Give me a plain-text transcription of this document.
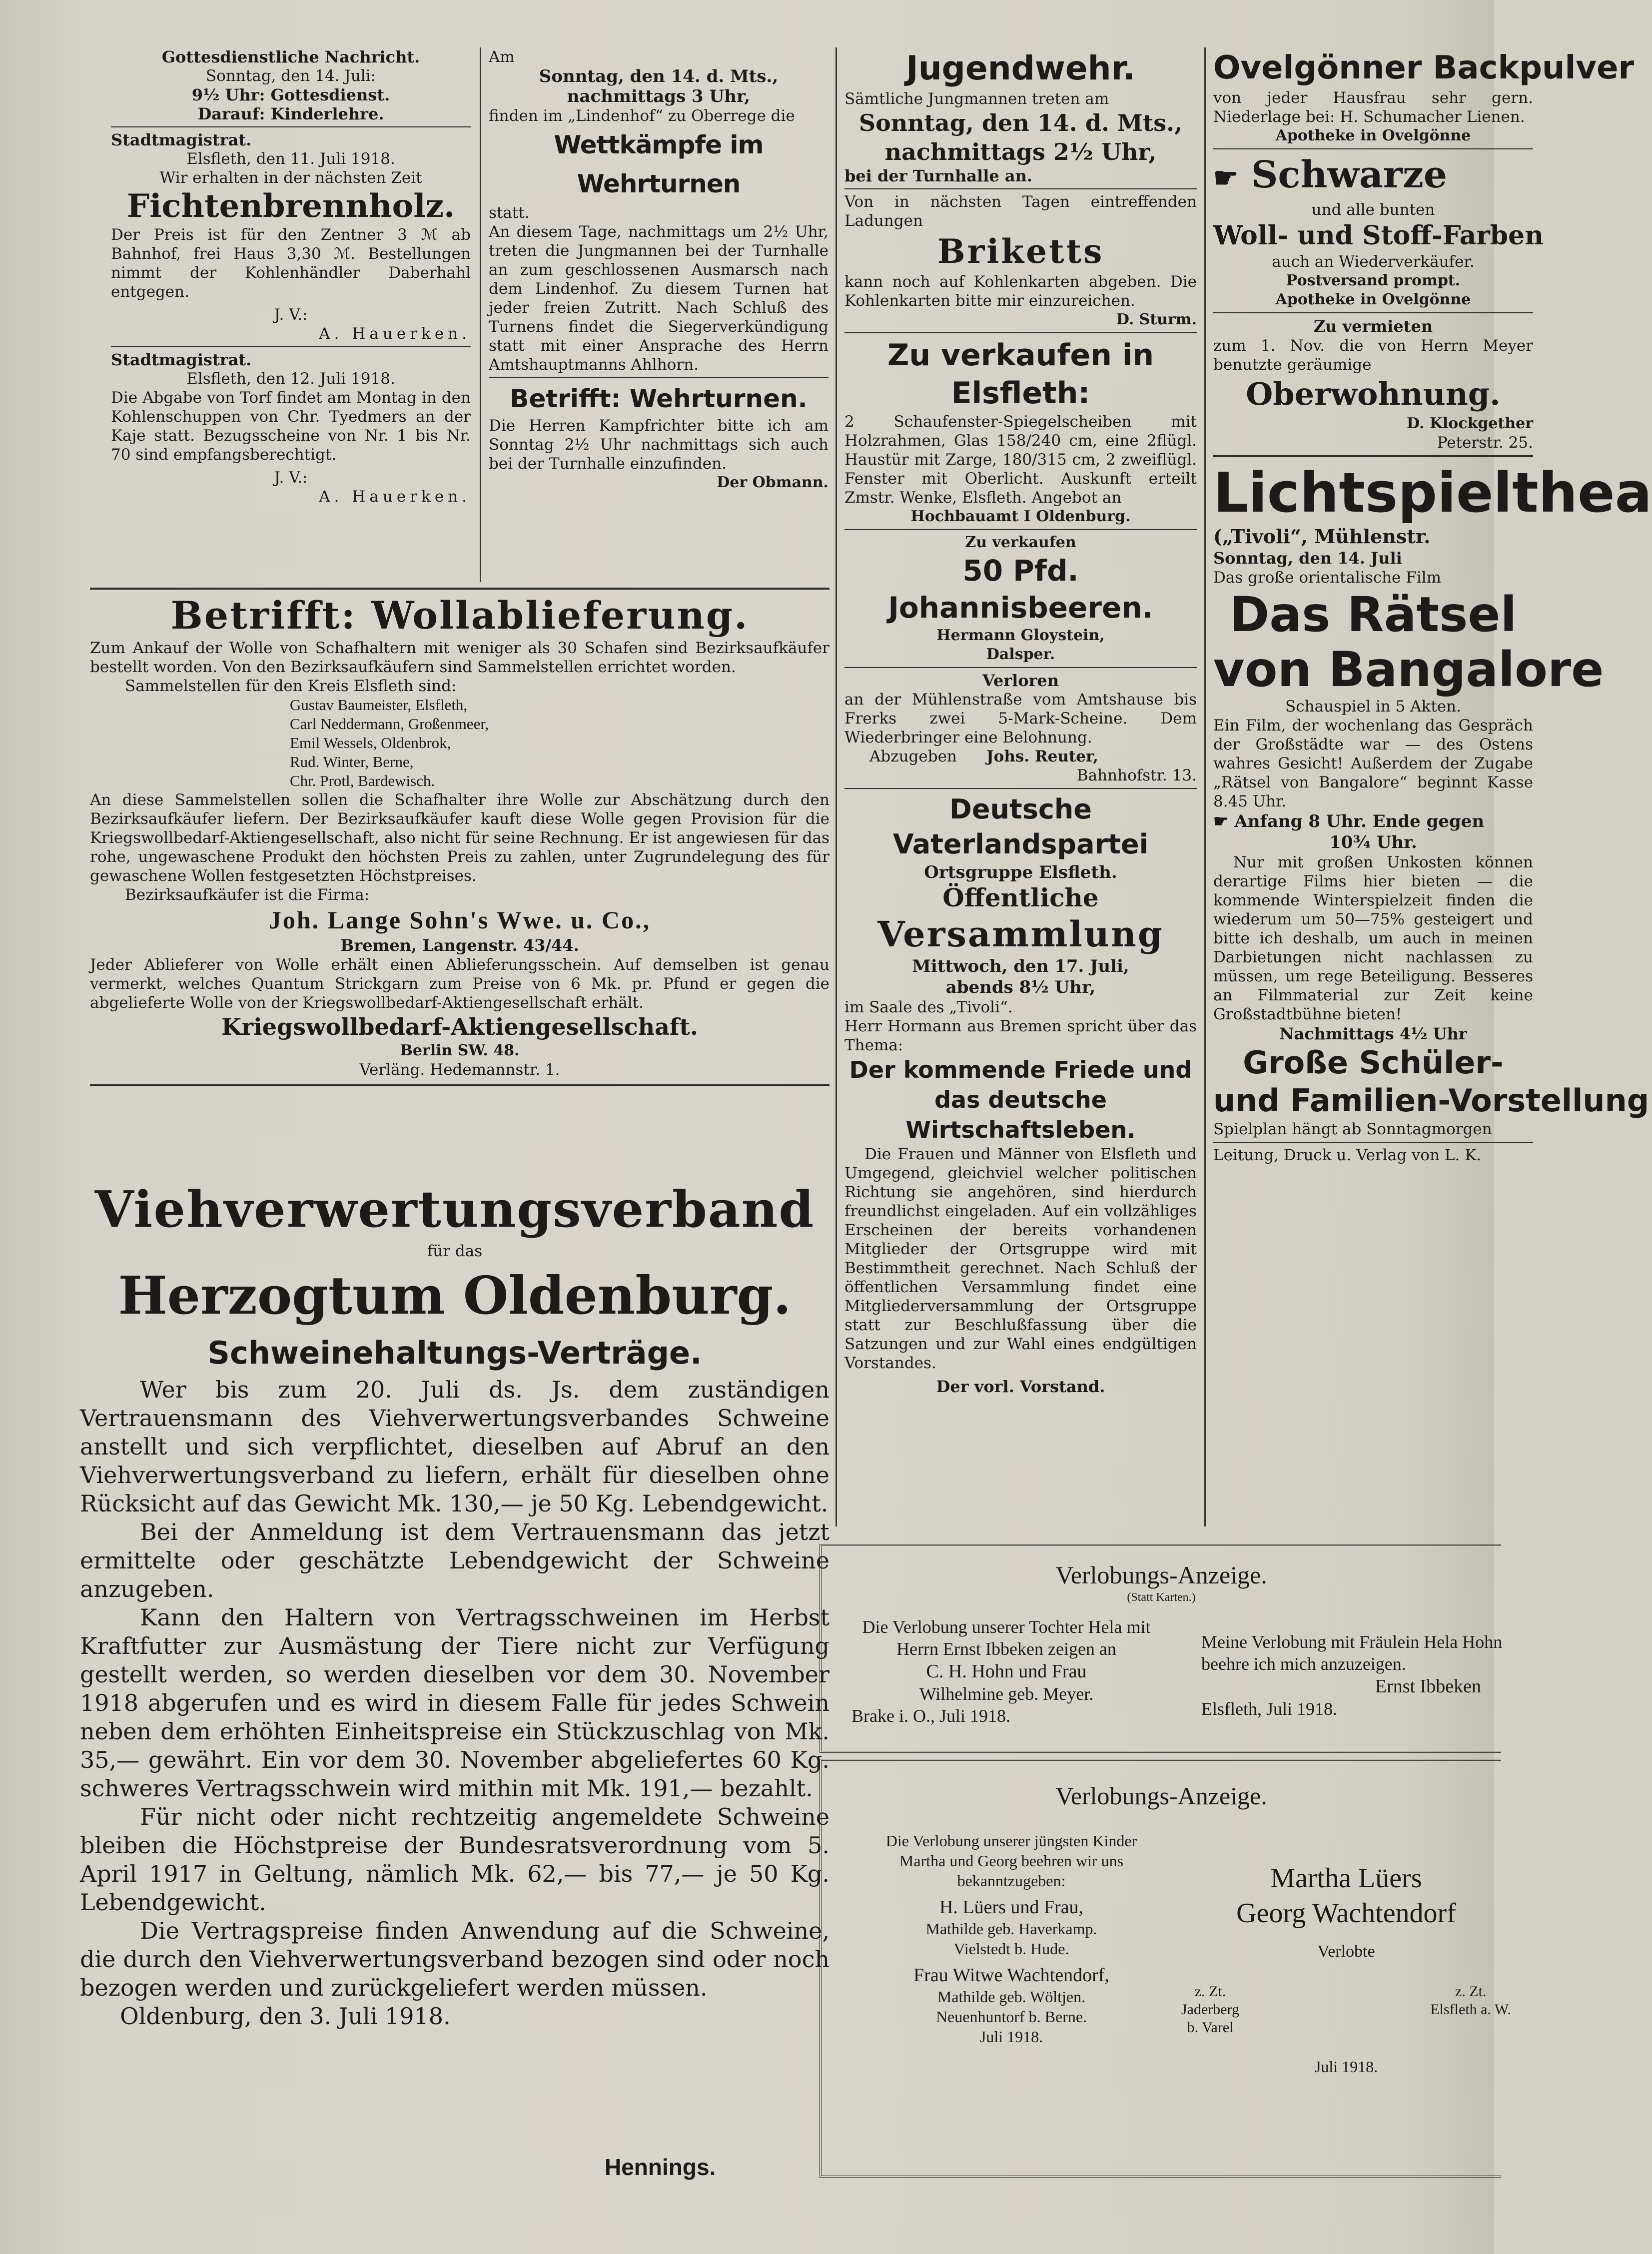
Gottesdienstliche Nachricht.

Sonntag, den 14. Juli:

9½ Uhr: Gottesdienst.

Darauf: Kinderlehre.

Stadtmagistrat.

Elsfleth, den 11. Juli 1918.

Wir erhalten in der nächsten Zeit

Fichtenbrennholz.

Der Preis ist für den Zentner 3 ℳ ab Bahnhof, frei Haus 3,30 ℳ. Bestellungen nimmt der Kohlenhändler Daberhahl entgegen.

J. V.:

A. Hauerken.

Stadtmagistrat.

Elsfleth, den 12. Juli 1918.

Die Abgabe von Torf findet am Montag in den Kohlenschuppen von Chr. Tyedmers an der Kaje statt. Bezugsscheine von Nr. 1 bis Nr. 70 sind empfangsberechtigt.

J. V.:

A. Hauerken.

Am

Sonntag, den 14. d. Mts.,

nachmittags 3 Uhr,

finden im „Lindenhof“ zu Oberrege die

Wettkämpfe im Wehrturnen

statt.

An diesem Tage, nachmittags um 2½ Uhr, treten die Jungmannen bei der Turnhalle an zum geschlossenen Ausmarsch nach dem Lindenhof. Zu diesem Turnen hat jeder freien Zutritt. Nach Schluß des Turnens findet die Siegerverkündigung statt mit einer Ansprache des Herrn Amtshauptmanns Ahlhorn.

Betrifft: Wehrturnen.

Die Herren Kampfrichter bitte ich am Sonntag 2½ Uhr nachmittags sich auch bei der Turnhalle einzufinden.

Der Obmann.

Betrifft: Wollablieferung.

Zum Ankauf der Wolle von Schafhaltern mit weniger als 30 Schafen sind Bezirksaufkäufer bestellt worden. Von den Bezirksaufkäufern sind Sammelstellen errichtet worden.

Sammelstellen für den Kreis Elsfleth sind:

Gustav Baumeister, Elsfleth,

Carl Neddermann, Großenmeer,

Emil Wessels, Oldenbrok,

Rud. Winter, Berne,

Chr. Protl, Bardewisch.

An diese Sammelstellen sollen die Schafhalter ihre Wolle zur Abschätzung durch den Bezirksaufkäufer liefern. Der Bezirksaufkäufer kauft diese Wolle gegen Provision für die Kriegswollbedarf-Aktiengesellschaft, also nicht für seine Rechnung. Er ist angewiesen für das rohe, ungewaschene Produkt den höchsten Preis zu zahlen, unter Zugrundelegung des für gewaschene Wollen festgesetzten Höchstpreises.

Bezirksaufkäufer ist die Firma:

Joh. Lange Sohn's Wwe. u. Co.,

Bremen, Langenstr. 43/44.

Jeder Ablieferer von Wolle erhält einen Ablieferungsschein. Auf demselben ist genau vermerkt, welches Quantum Strickgarn zum Preise von 6 Mk. pr. Pfund er gegen die abgelieferte Wolle von der Kriegswollbedarf-Aktiengesellschaft erhält.

Kriegswollbedarf-Aktiengesellschaft.

Berlin SW. 48.

Verläng. Hedemannstr. 1.

Viehverwertungsverband

für das

Herzogtum Oldenburg.

Schweinehaltungs-Verträge.

Wer bis zum 20. Juli ds. Js. dem zuständigen Vertrauensmann des Viehverwertungsverbandes Schweine anstellt und sich verpflichtet, dieselben auf Abruf an den Viehverwertungsverband zu liefern, erhält für dieselben ohne Rücksicht auf das Gewicht Mk. 130,— je 50 Kg. Lebendgewicht.

Bei der Anmeldung ist dem Vertrauensmann das jetzt ermittelte oder geschätzte Lebendgewicht der Schweine anzugeben.

Kann den Haltern von Vertragsschweinen im Herbst Kraftfutter zur Ausmästung der Tiere nicht zur Verfügung gestellt werden, so werden dieselben vor dem 30. November 1918 abgerufen und es wird in diesem Falle für jedes Schwein neben dem erhöhten Einheitspreise ein Stückzuschlag von Mk. 35,— gewährt. Ein vor dem 30. November abgeliefertes 60 Kg. schweres Vertragsschwein wird mithin mit Mk. 191,— bezahlt.

Für nicht oder nicht rechtzeitig angemeldete Schweine bleiben die Höchstpreise der Bundesratsverordnung vom 5. April 1917 in Geltung, nämlich Mk. 62,— bis 77,— je 50 Kg. Lebendgewicht.

Die Vertragspreise finden Anwendung auf die Schweine, die durch den Viehverwertungsverband bezogen sind oder noch bezogen werden und zurückgeliefert werden müssen.

Oldenburg, den 3. Juli 1918.

Hennings.

Jugendwehr.

Sämtliche Jungmannen treten am

Sonntag, den 14. d. Mts.,

nachmittags 2½ Uhr,

bei der Turnhalle an.

Von in nächsten Tagen eintreffenden Ladungen

Briketts

kann noch auf Kohlenkarten abgeben. Die Kohlenkarten bitte mir einzureichen.

D. Sturm.

Zu verkaufen in Elsfleth:

2 Schaufenster-Spiegelscheiben mit Holzrahmen, Glas 158/240 cm, eine 2flügl. Haustür mit Zarge, 180/315 cm, 2 zweiflügl. Fenster mit Oberlicht. Auskunft erteilt Zmstr. Wenke, Elsfleth. Angebot an

Hochbauamt I Oldenburg.

Zu verkaufen

50 Pfd. Johannisbeeren.

Hermann Gloystein,

Dalsper.

Verloren

an der Mühlenstraße vom Amtshause bis Frerks zwei 5-Mark-Scheine. Dem Wiederbringer eine Belohnung.

Abzugeben Johs. Reuter,

Bahnhofstr. 13.

Deutsche Vaterlandspartei

Ortsgruppe Elsfleth.

Öffentliche

Versammlung

Mittwoch, den 17. Juli,

abends 8½ Uhr,

im Saale des „Tivoli“.

Herr Hormann aus Bremen spricht über das Thema:

Der kommende Friede und das deutsche Wirtschaftsleben.

Die Frauen und Männer von Elsfleth und Umgegend, gleichviel welcher politischen Richtung sie angehören, sind hierdurch freundlichst eingeladen. Auf ein vollzähliges Erscheinen der bereits vorhandenen Mitglieder der Ortsgruppe wird mit Bestimmtheit gerechnet. Nach Schluß der öffentlichen Versammlung findet eine Mitgliederversammlung der Ortsgruppe statt zur Beschlußfassung über die Satzungen und zur Wahl eines endgültigen Vorstandes.

Der vorl. Vorstand.

Ovelgönner Backpulver

von jeder Hausfrau sehr gern. Niederlage bei: H. Schumacher Lienen.

Apotheke in Ovelgönne

☛ Schwarze

und alle bunten

Woll- und Stoff-Farben

auch an Wiederverkäufer.

Postversand prompt.

Apotheke in Ovelgönne

Zu vermieten

zum 1. Nov. die von Herrn Meyer benutzte geräumige

Oberwohnung.

D. Klockgether

Peterstr. 25.

Lichtspielthea

(„Tivoli“, Mühlenstr.

Sonntag, den 14. Juli

Das große orientalische Film

Das Rätsel

von Bangalore

Schauspiel in 5 Akten.

Ein Film, der wochenlang das Gespräch der Großstädte war — des Ostens wahres Gesicht! Außerdem der Zugabe „Rätsel von Bangalore“ beginnt Kasse 8.45 Uhr.

☛ Anfang 8 Uhr. Ende gegen

10¾ Uhr.

Nur mit großen Unkosten können derartige Films hier bieten — die kommende Winterspielzeit finden die wiederum um 50—75% gesteigert und bitte ich deshalb, um auch in meinen Darbietungen nicht nachlassen zu müssen, um rege Beteiligung. Besseres an Filmmaterial zur Zeit keine Großstadtbühne bieten!

Nachmittags 4½ Uhr

Große Schüler-

und Familien-Vorstellung

Spielplan hängt ab Sonntagmorgen

Leitung, Druck u. Verlag von L. K.

Verlobungs-Anzeige.

(Statt Karten.)

Die Verlobung unserer Tochter Hela mit Herrn Ernst Ibbeken zeigen an

C. H. Hohn und Frau

Wilhelmine geb. Meyer.

Brake i. O., Juli 1918.

Meine Verlobung mit Fräulein Hela Hohn beehre ich mich anzuzeigen.

Ernst Ibbeken

Elsfleth, Juli 1918.

Verlobungs-Anzeige.

Die Verlobung unserer jüngsten Kinder Martha und Georg beehren wir uns bekanntzugeben:

H. Lüers und Frau,

Mathilde geb. Haverkamp.

Vielstedt b. Hude.

Frau Witwe Wachtendorf,

Mathilde geb. Wöltjen.

Neuenhuntorf b. Berne.

Juli 1918.

Martha Lüers

Georg Wachtendorf

Verlobte

z. Zt.

Jaderberg

b. Varel

z. Zt.

Elsfleth a. W.

Juli 1918.
